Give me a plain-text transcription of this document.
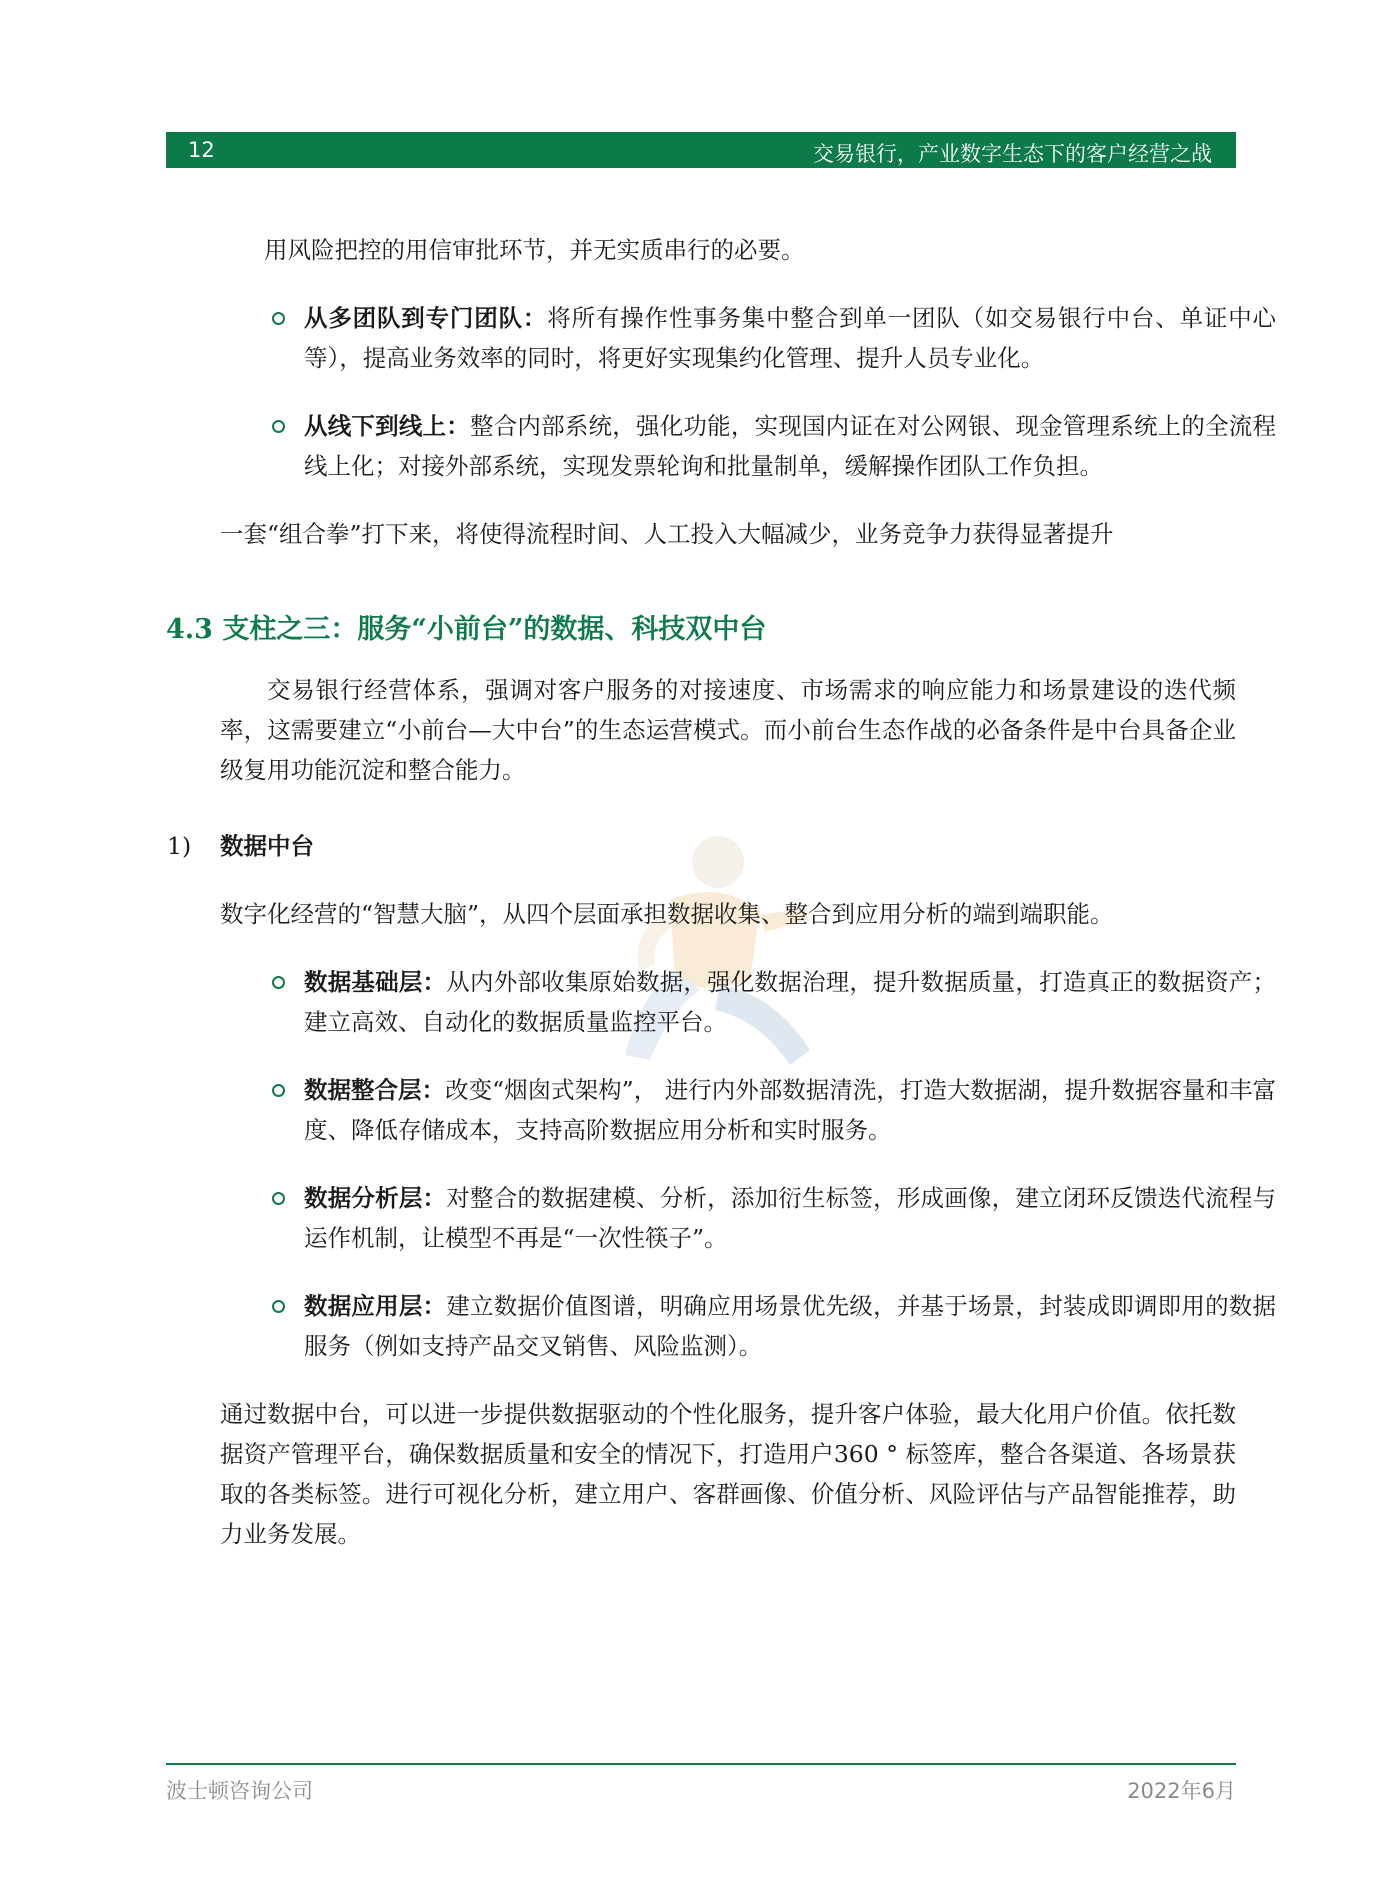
12	交易银行，产业数字生态下的客户经营之战

用风险把控的用信审批环节，并无实质串行的必要。

从多团队到专门团队：将所有操作性事务集中整合到单一团队（如交易银行中台、单证中心等），提高业务效率的同时，将更好实现集约化管理、提升人员专业化。

从线下到线上：整合内部系统，强化功能，实现国内证在对公网银、现金管理系统上的全流程线上化；对接外部系统，实现发票轮询和批量制单，缓解操作团队工作负担。

一套“组合拳”打下来，将使得流程时间、人工投入大幅减少，业务竞争力获得显著提升

4.3 支柱之三：服务“小前台”的数据、科技双中台

交易银行经营体系，强调对客户服务的对接速度、市场需求的响应能力和场景建设的迭代频率，这需要建立“小前台—大中台”的生态运营模式。而小前台生态作战的必备条件是中台具备企业级复用功能沉淀和整合能力。

1) 数据中台

数字化经营的“智慧大脑”，从四个层面承担数据收集、整合到应用分析的端到端职能。

数据基础层：从内外部收集原始数据，强化数据治理，提升数据质量，打造真正的数据资产；建立高效、自动化的数据质量监控平台。

数据整合层：改变“烟囱式架构”， 进行内外部数据清洗，打造大数据湖，提升数据容量和丰富度、降低存储成本，支持高阶数据应用分析和实时服务。

数据分析层：对整合的数据建模、分析，添加衍生标签，形成画像，建立闭环反馈迭代流程与运作机制，让模型不再是“一次性筷子”。

数据应用层：建立数据价值图谱，明确应用场景优先级，并基于场景，封装成即调即用的数据服务（例如支持产品交叉销售、风险监测）。

通过数据中台，可以进一步提供数据驱动的个性化服务，提升客户体验，最大化用户价值。依托数据资产管理平台，确保数据质量和安全的情况下，打造用户360 ° 标签库，整合各渠道、各场景获取的各类标签。进行可视化分析，建立用户、客群画像、价值分析、风险评估与产品智能推荐，助力业务发展。

波士顿咨询公司	2022年6月
